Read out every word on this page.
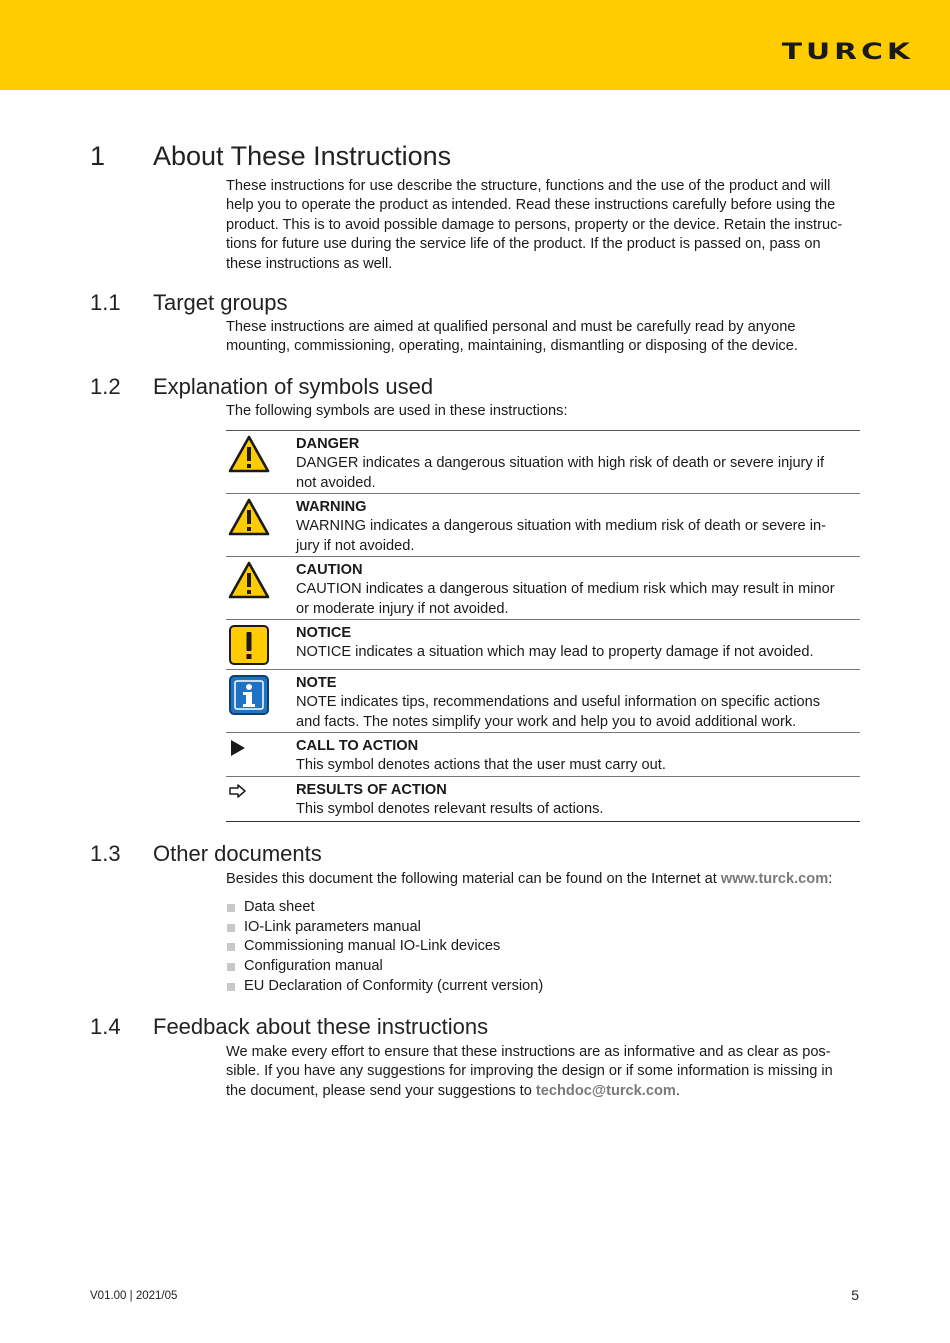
TURCK
1 About These Instructions
These instructions for use describe the structure, functions and the use of the product and will
help you to operate the product as intended. Read these instructions carefully before using the
product. This is to avoid possible damage to persons, property or the device. Retain the instruc-
tions for future use during the service life of the product. If the product is passed on, pass on
these instructions as well.
1.1 Target groups
These instructions are aimed at qualified personal and must be carefully read by anyone
mounting, commissioning, operating, maintaining, dismantling or disposing of the device.
1.2 Explanation of symbols used
The following symbols are used in these instructions:
DANGER
DANGER indicates a dangerous situation with high risk of death or severe injury if
not avoided.
WARNING
WARNING indicates a dangerous situation with medium risk of death or severe in-
jury if not avoided.
CAUTION
CAUTION indicates a dangerous situation of medium risk which may result in minor
or moderate injury if not avoided.
NOTICE
NOTICE indicates a situation which may lead to property damage if not avoided.
NOTE
NOTE indicates tips, recommendations and useful information on specific actions
and facts. The notes simplify your work and help you to avoid additional work.
CALL TO ACTION
This symbol denotes actions that the user must carry out.
RESULTS OF ACTION
This symbol denotes relevant results of actions.
1.3 Other documents
Besides this document the following material can be found on the Internet at www.turck.com:
Data sheet
IO-Link parameters manual
Commissioning manual IO-Link devices
Configuration manual
EU Declaration of Conformity (current version)
1.4 Feedback about these instructions
We make every effort to ensure that these instructions are as informative and as clear as pos-
sible. If you have any suggestions for improving the design or if some information is missing in
the document, please send your suggestions to techdoc@turck.com.
V01.00 | 2021/05	5
